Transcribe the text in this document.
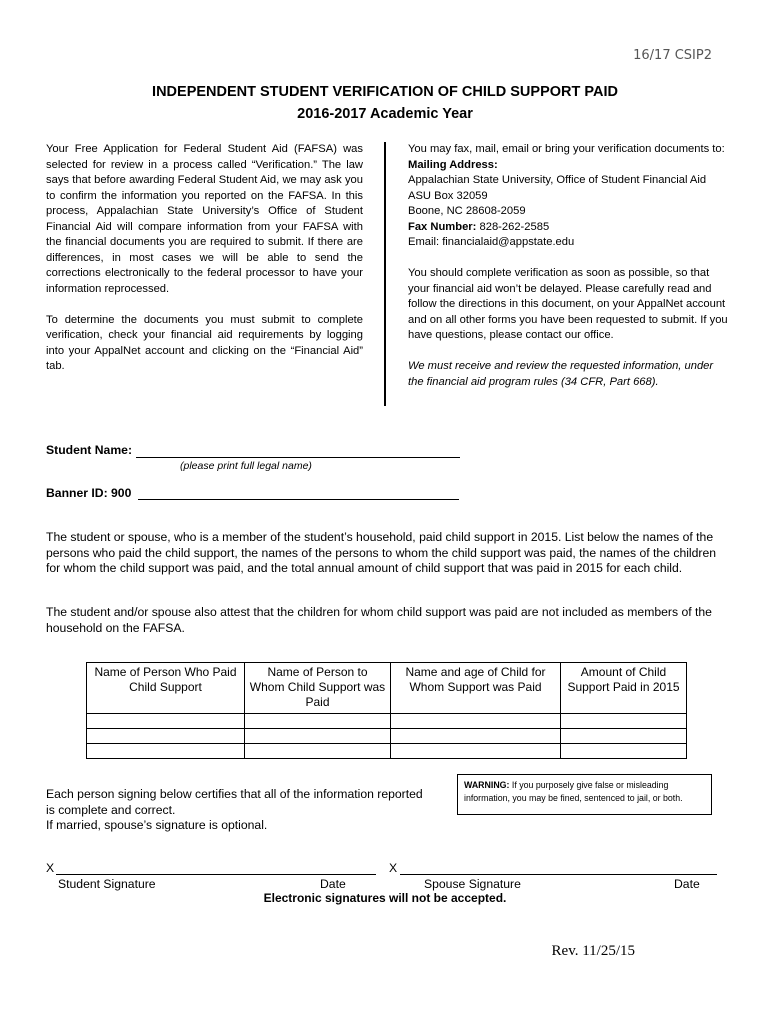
16/17 CSIP2
INDEPENDENT STUDENT VERIFICATION OF CHILD SUPPORT PAID
2016-2017 Academic Year

Your Free Application for Federal Student Aid (FAFSA) was selected for review in a process called “Verification.” The law says that before awarding Federal Student Aid, we may ask you to confirm the information you reported on the FAFSA. In this process, Appalachian State University’s Office of Student Financial Aid will compare information from your FAFSA with the financial documents you are required to submit. If there are differences, in most cases we will be able to send the corrections electronically to the federal processor to have your information reprocessed.

To determine the documents you must submit to complete verification, check your financial aid requirements by logging into your AppalNet account and clicking on the “Financial Aid” tab.

You may fax, mail, email or bring your verification documents to:
Mailing Address:
Appalachian State University, Office of Student Financial Aid
ASU Box 32059
Boone, NC 28608-2059
Fax Number: 828-262-2585
Email: financialaid@appstate.edu

You should complete verification as soon as possible, so that your financial aid won’t be delayed. Please carefully read and follow the directions in this document, on your AppalNet account and on all other forms you have been requested to submit. If you have questions, please contact our office.

We must receive and review the requested information, under the financial aid program rules (34 CFR, Part 668).

Student Name:
(please print full legal name)
Banner ID: 900
The student or spouse, who is a member of the student’s household, paid child support in 2015. List below the names of the persons who paid the child support, the names of the persons to whom the child support was paid, the names of the children for whom the child support was paid, and the total annual amount of child support that was paid in 2015 for each child.
The student and/or spouse also attest that the children for whom child support was paid are not included as members of the household on the FAFSA.
Name of Person Who Paid Child Support	Name of Person to Whom Child Support was Paid	Name and age of Child for Whom Support was Paid	Amount of Child Support Paid in 2015

WARNING: If you purposely give false or misleading information, you may be fined, sentenced to jail, or both.
Each person signing below certifies that all of the information reported is complete and correct.
If married, spouse’s signature is optional.
X	X
Student Signature	Date	Spouse Signature	Date
Electronic signatures will not be accepted.
Rev. 11/25/15
